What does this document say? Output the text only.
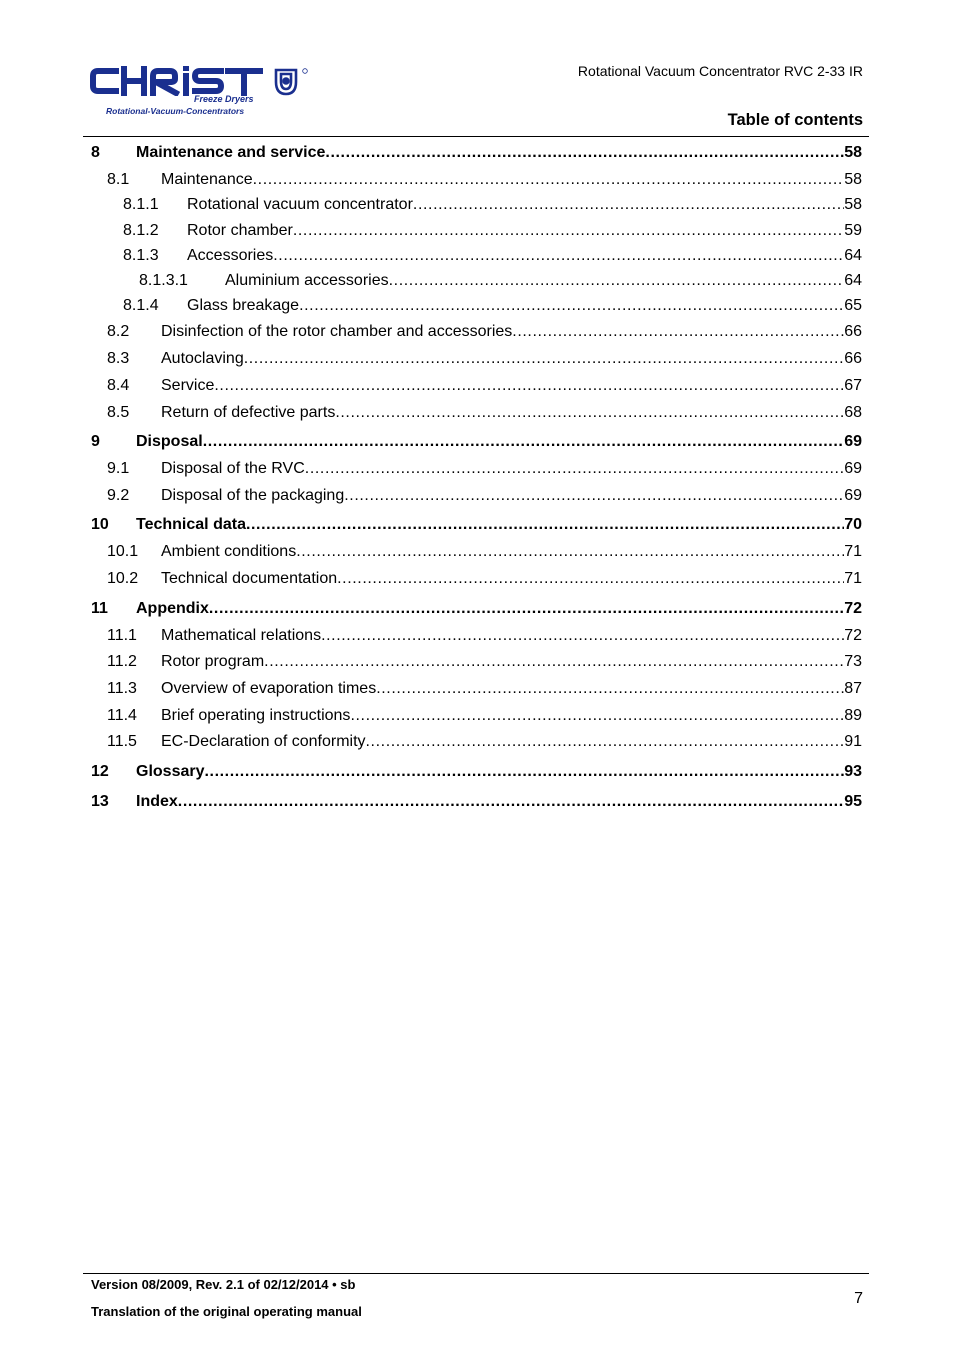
Freeze Dryers
Rotational-Vacuum-Concentrators
Rotational Vacuum Concentrator RVC 2-33 IR
Table of contents
8	Maintenance and service .....	58
8.1	Maintenance .....	58
8.1.1	Rotational vacuum concentrator .....	58
8.1.2	Rotor chamber .....	59
8.1.3	Accessories .....	64
8.1.3.1	Aluminium accessories .....	64
8.1.4	Glass breakage .....	65
8.2	Disinfection of the rotor chamber and accessories .....	66
8.3	Autoclaving .....	66
8.4	Service .....	67
8.5	Return of defective parts .....	68
9	Disposal .....	69
9.1	Disposal of the RVC .....	69
9.2	Disposal of the packaging .....	69
10	Technical data .....	70
10.1	Ambient conditions .....	71
10.2	Technical documentation .....	71
11	Appendix .....	72
11.1	Mathematical relations .....	72
11.2	Rotor program .....	73
11.3	Overview of evaporation times .....	87
11.4	Brief operating instructions .....	89
11.5	EC-Declaration of conformity .....	91
12	Glossary .....	93
13	Index .....	95
Version 08/2009, Rev. 2.1 of 02/12/2014 • sb
Translation of the original operating manual
7
